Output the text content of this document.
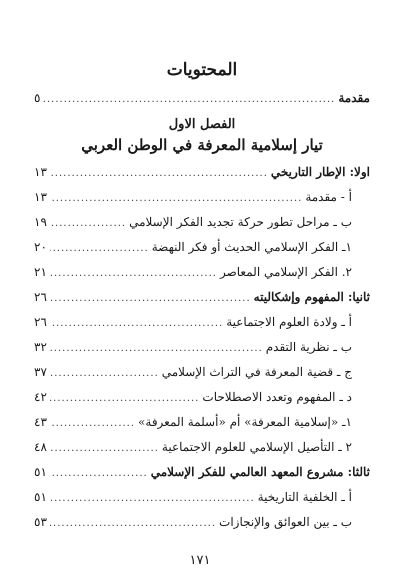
المحتويات
مقدمة
.....
٥
الفصل الاول
تيار إسلامية المعرفة في الوطن العربي
اولا: الإطار التاريخي
.....
١٣
أ - مقدمة
.....
١٣
ب ـ مراحل تطور حركة تجديد الفكر الإسلامي
.....
١٩
١ـ الفكر الإسلامي الحديث أو فكر النهضة
.....
٢٠
٢. الفكر الإسلامي المعاصر
.....
٢١
ثانيا: المفهوم وإشكاليته
.....
٢٦
أ ـ ولادة العلوم الاجتماعية
.....
٢٦
ب ـ نظرية التقدم
.....
٣٢
ج ـ قضية المعرفة في التراث الإسلامي
.....
٣٧
د ـ المفهوم وتعدد الاصطلاحات
.....
٤٢
١ـ «إسلامية المعرفة» أم «أسلمة المعرفة»
.....
٤٣
٢ ـ التأصيل الإسلامي للعلوم الاجتماعية
.....
٤٨
ثالثا: مشروع المعهد العالمي للفكر الإسلامي
.....
٥١
أ ـ الخلفية التاريخية
.....
٥١
ب ـ بين العوائق والإنجازات
.....
٥٣
١٧١
